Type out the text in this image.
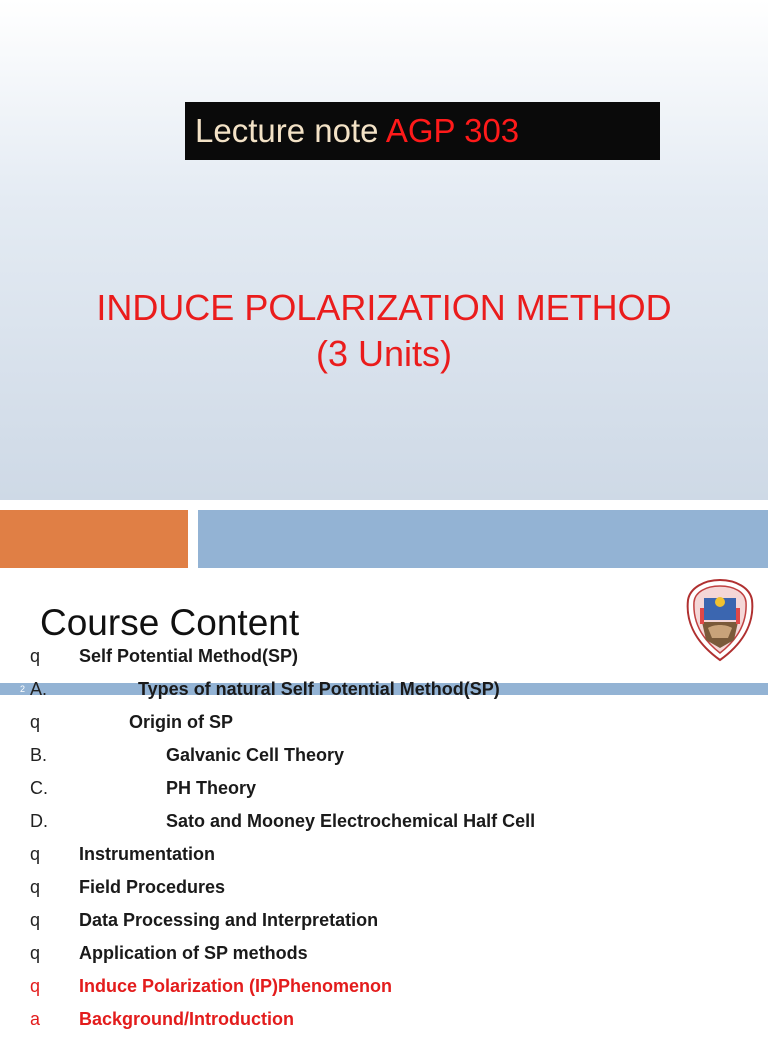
Lecture note AGP 303
INDUCE POLARIZATION METHOD
(3 Units)
Course Content
2
q Self Potential Method(SP)
A.	Types of natural Self Potential Method(SP)
q	Origin of SP
B.	Galvanic Cell Theory
C.	PH Theory
D.	Sato and Mooney Electrochemical Half Cell
q Instrumentation
q Field Procedures
q Data Processing and Interpretation
q Application of SP methods
q Induce Polarization (IP)Phenomenon
a Background/Introduction
